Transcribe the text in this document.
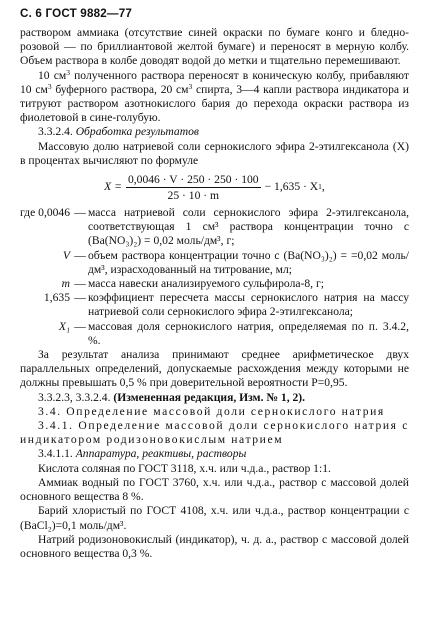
С. 6 ГОСТ 9882—77

раствором аммиака (отсутствие синей окраски по бумаге конго и бледно-розовой — по бриллиантовой желтой бумаге) и переносят в мерную колбу. Объем раствора в колбе доводят водой до метки и тщательно перемешивают.

10 $см^3$ полученного раствора переносят в коническую колбу, прибавляют 10 $см^3$ буферного раствора, 20 $см^3$ спирта, 3—4 капли раствора индикатора и титруют раствором азотнокислого бария до перехода окраски раствора из фиолетовой в сине-голубую.

3.3.2.4. Обработка результатов

Массовую долю натриевой соли сернокислого эфира 2-этилгексанола (X) в процентах вычисляют по формуле

$X = \frac{0,0046 \cdot V \cdot 250 \cdot 250 \cdot 100}{25 \cdot 10 \cdot m} - 1,635 \cdot X$ 1 ,
где 0,0046 — масса натриевой соли сернокислого эфира 2-этилгексанола, соответствующая 1 см³ раствора концентрации точно c (Ba(NO₃)₂) = 0,02 моль/дм³, г;
V — объем раствора концентрации точно c (Ba(NO₃)₂) = =0,02 моль/дм³, израсходованный на титрование, мл;
m — масса навески анализируемого сульфирола-8, г;
1,635 — коэффициент пересчета массы сернокислого натрия на массу натриевой соли сернокислого эфира 2-этилгексанола;
X₁ — массовая доля сернокислого натрия, определяемая по п. 3.4.2, %.

За результат анализа принимают среднее арифметическое двух параллельных определений, допускаемые расхождения между которыми не должны превышать 0,5 % при доверительной вероятности P=0,95.

3.3.2.3, 3.3.2.4. (Измененная редакция, Изм. № 1, 2).

3.4. Определение массовой доли сернокислого натрия

3.4.1. Определение массовой доли сернокислого натрия с индикатором родизоновокислым натрием

3.4.1.1. Аппаратура, реактивы, растворы

Кислота соляная по ГОСТ 3118, х.ч. или ч.д.а., раствор 1:1.

Аммиак водный по ГОСТ 3760, х.ч. или ч.д.а., раствор с массовой долей основного вещества 8 %.

Барий хлористый по ГОСТ 4108, х.ч. или ч.д.а., раствор концентрации c (BaCl₂)=0,1 моль/дм³.

Натрий родизоновокислый (индикатор), ч. д. а., раствор с массовой долей основного вещества 0,3 %.
